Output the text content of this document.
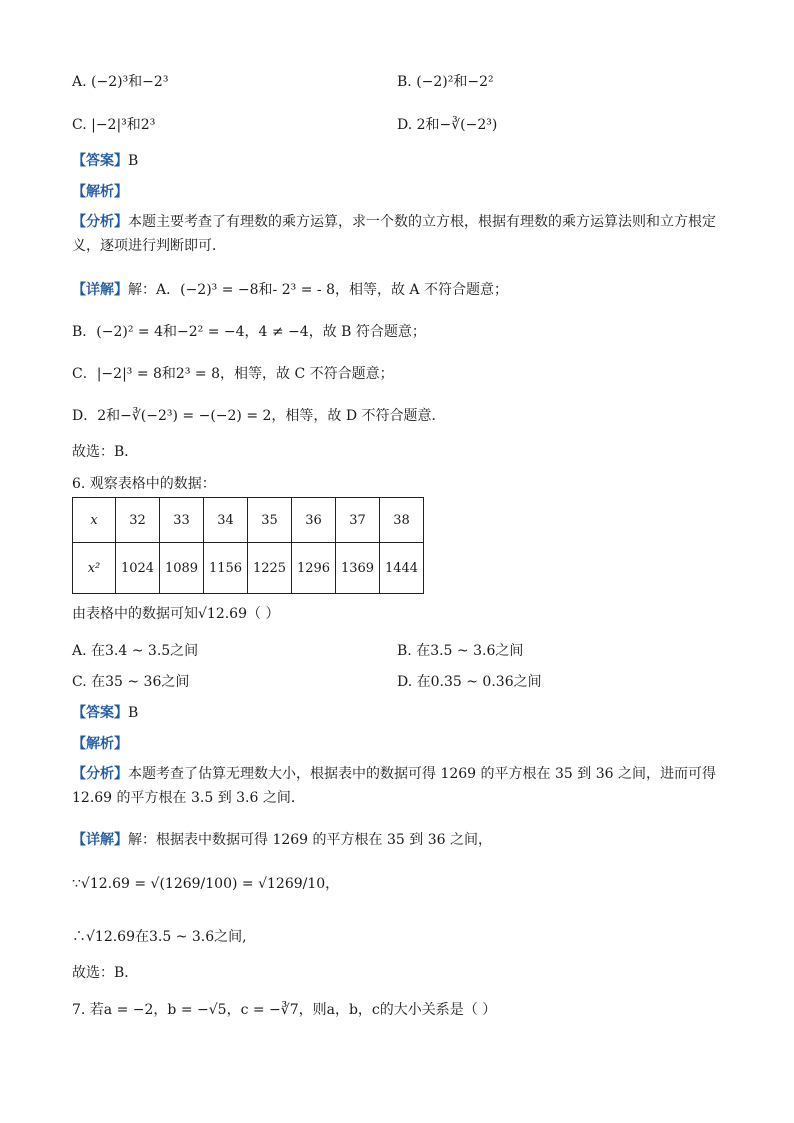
A. (−2)³和−2³	B. (−2)²和−2²
C. |−2|³和2³	D. 2和−∛(−2³)
【答案】B
【解析】
【分析】本题主要考查了有理数的乘方运算，求一个数的立方根，根据有理数的乘方运算法则和立方根定义，逐项进行判断即可．
【详解】解：A．(−2)³ = −8和- 2³ = - 8，相等，故 A 不符合题意；
B．(−2)² = 4和−2² = −4，4 ≠ −4，故 B 符合题意；
C．|−2|³ = 8和2³ = 8，相等，故 C 不符合题意；
D．2和−∛(−2³) = −(−2) = 2，相等，故 D 不符合题意．
故选：B．
6. 观察表格中的数据：
x	32	33	34	35	36	37	38
x²	1024	1089	1156	1225	1296	1369	1444
由表格中的数据可知√12.69（ ）
A. 在3.4 ~ 3.5之间	B. 在3.5 ~ 3.6之间
C. 在35 ~ 36之间	D. 在0.35 ~ 0.36之间
【答案】B
【解析】
【分析】本题考查了估算无理数大小，根据表中的数据可得 1269 的平方根在 35 到 36 之间，进而可得 12.69 的平方根在 3.5 到 3.6 之间．
【详解】解：根据表中数据可得 1269 的平方根在 35 到 36 之间，
∵√12.69 = √(1269/100) = √1269/10，
∴√12.69在3.5 ~ 3.6之间,
故选：B．
7. 若a = −2，b = −√5，c = −∛7，则a，b，c的大小关系是（ ）
